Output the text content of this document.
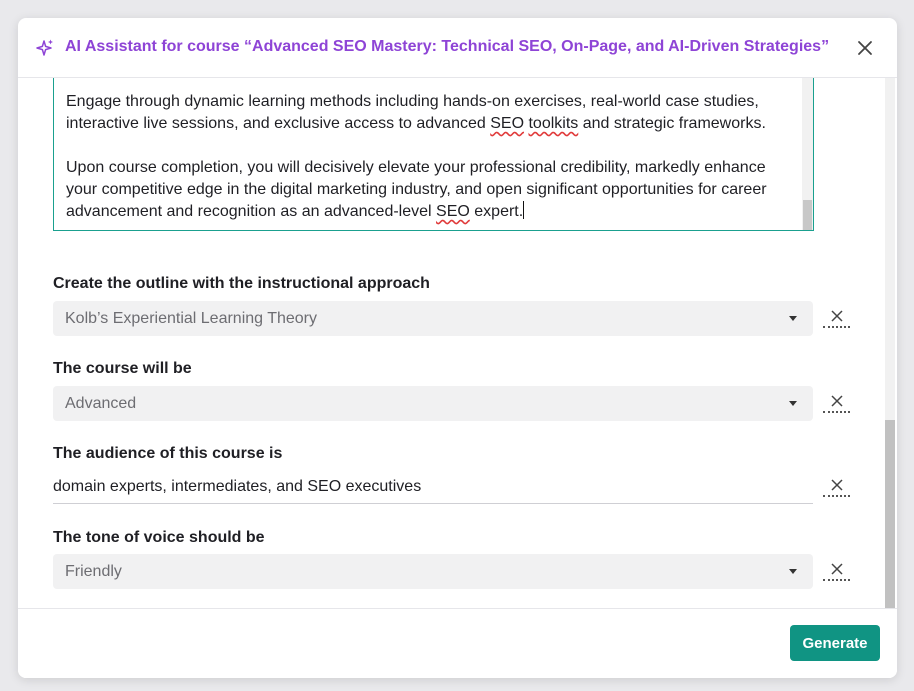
AI Assistant for course “Advanced SEO Mastery: Technical SEO, On-Page, and AI-Driven Strategies”

Engage through dynamic learning methods including hands-on exercises, real-world case studies, interactive live sessions, and exclusive access to advanced SEO toolkits and strategic frameworks.

Upon course completion, you will decisively elevate your professional credibility, markedly enhance your competitive edge in the digital marketing industry, and open significant opportunities for career advancement and recognition as an advanced-level SEO expert.

Create the outline with the instructional approach
Kolb’s Experiential Learning Theory
The course will be
Advanced
The audience of this course is
domain experts, intermediates, and SEO executives
The tone of voice should be
Friendly
Generate
